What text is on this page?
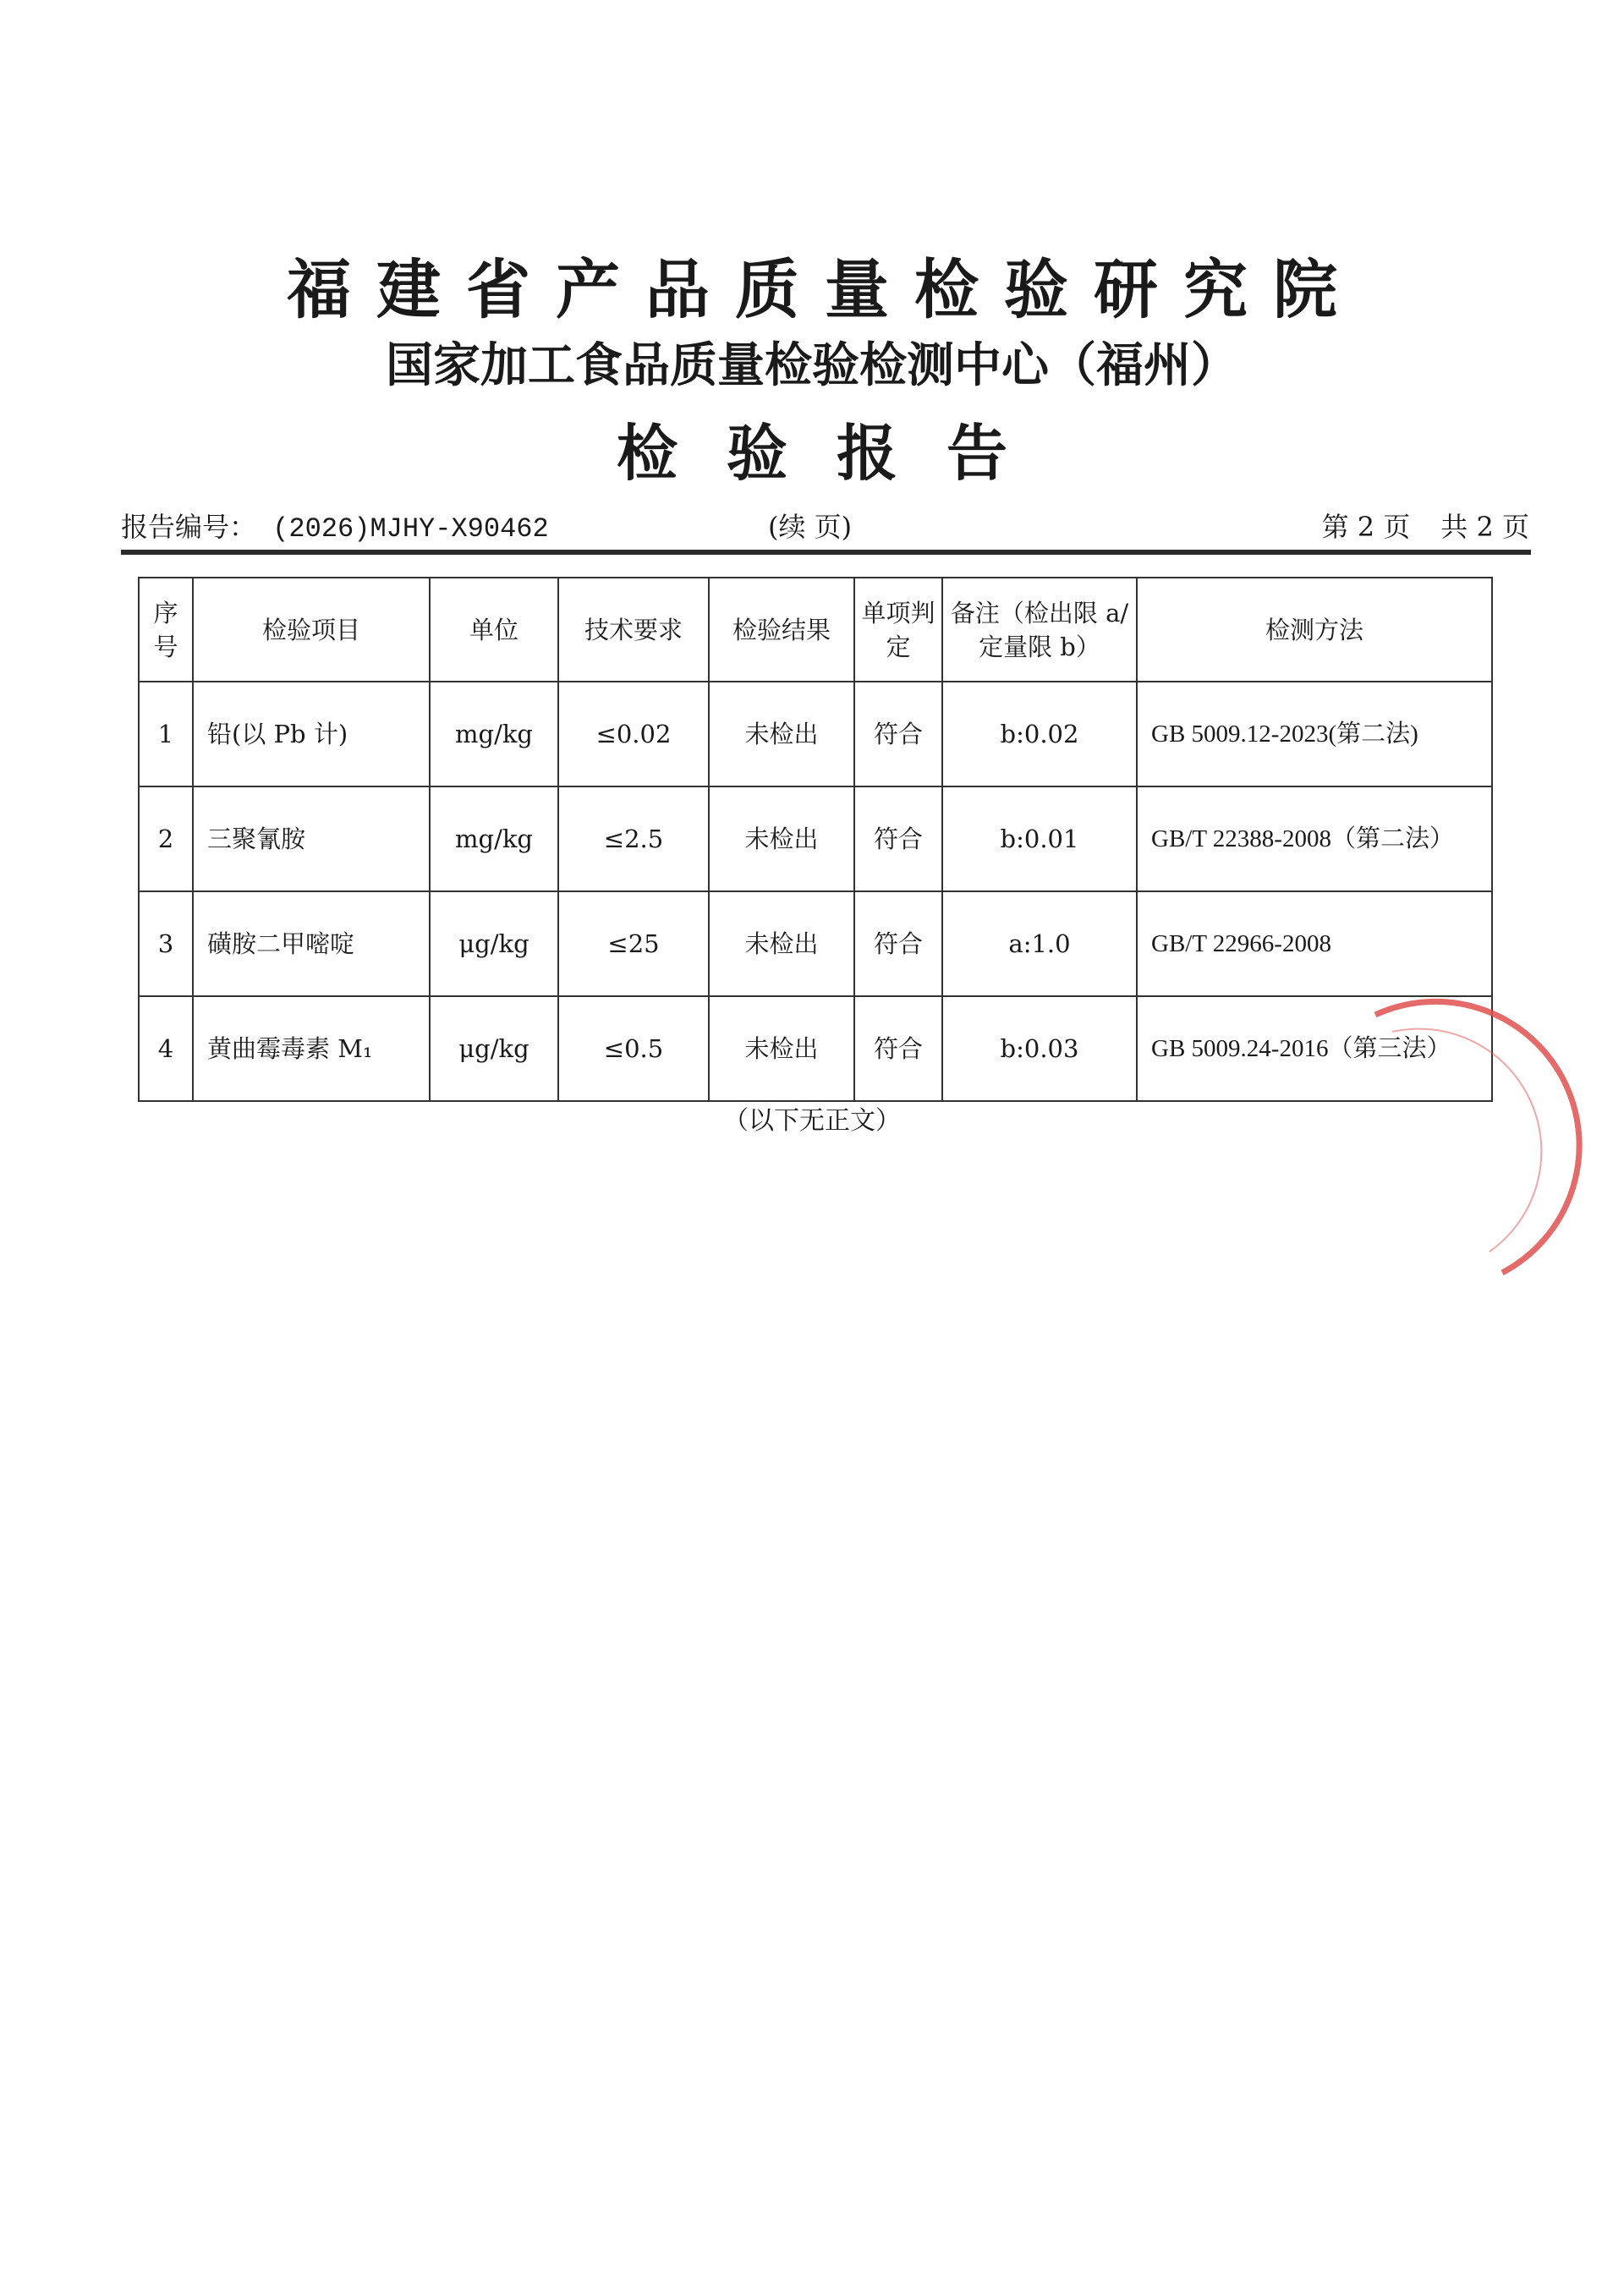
福建省产品质量检验研究院
国家加工食品质量检验检测中心（福州）
检验报告
报告编号： (2026)MJHY-X90462	(续 页)	第 2 页 共 2 页
序号	检验项目	单位	技术要求	检验结果	单项判定	备注（检出限 a/定量限 b）	检测方法
1	铅(以 Pb 计)	mg/kg	≤0.02	未检出	符合	b:0.02	GB 5009.12-2023(第二法)
2	三聚氰胺	mg/kg	≤2.5	未检出	符合	b:0.01	GB/T 22388-2008（第二法）
3	磺胺二甲嘧啶	μg/kg	≤25	未检出	符合	a:1.0	GB/T 22966-2008
4	黄曲霉毒素 M₁	μg/kg	≤0.5	未检出	符合	b:0.03	GB 5009.24-2016（第三法）
（以下无正文）
